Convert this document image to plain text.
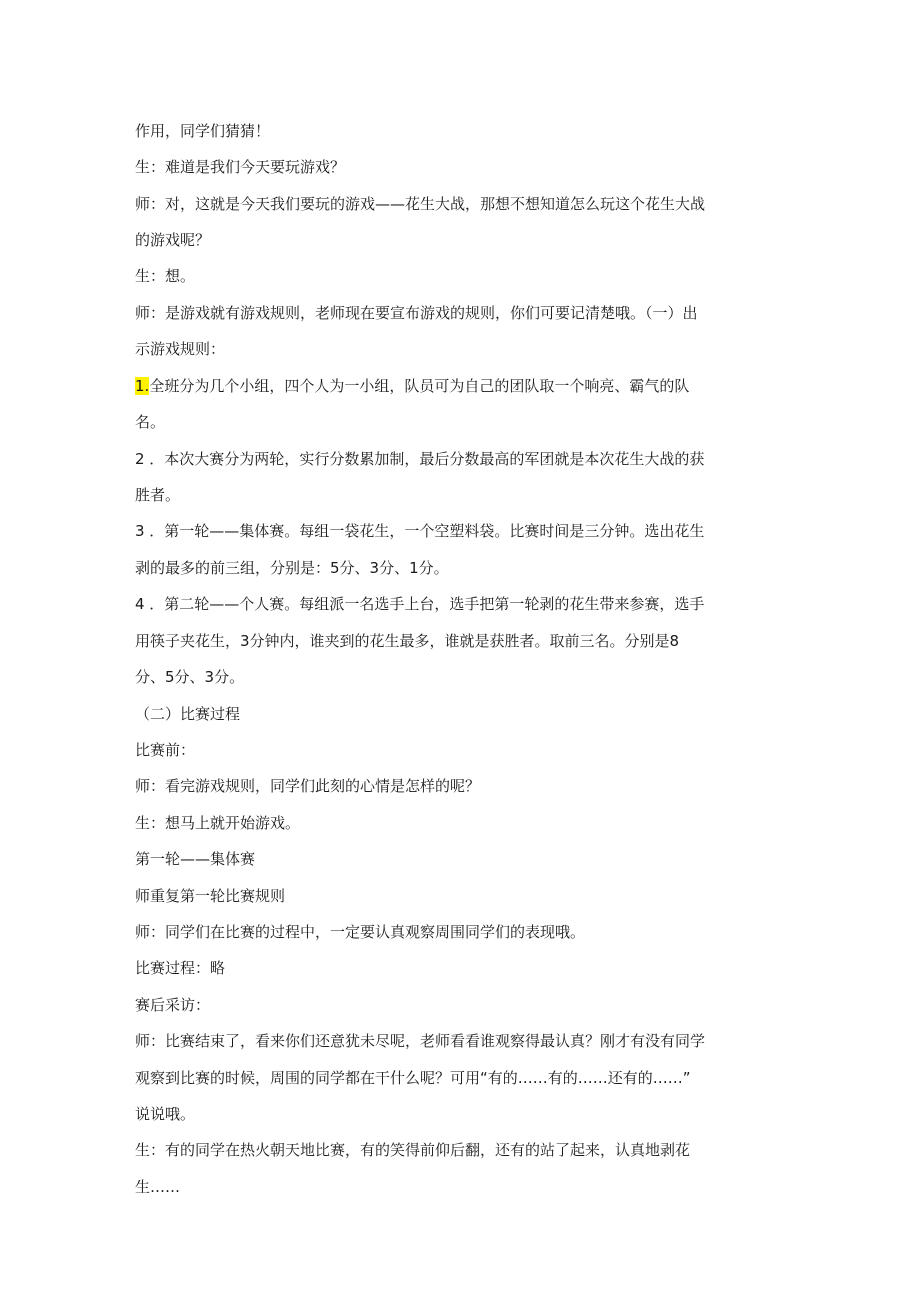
作用，同学们猜猜！
生：难道是我们今天要玩游戏？
师：对，这就是今天我们要玩的游戏——花生大战，那想不想知道怎么玩这个花生大战
的游戏呢？
生：想。
师：是游戏就有游戏规则，老师现在要宣布游戏的规则，你们可要记清楚哦。（一）出
示游戏规则：
1.全班分为几个小组，四个人为一小组，队员可为自己的团队取一个响亮、霸气的队
名。
2 ．本次大赛分为两轮，实行分数累加制，最后分数最高的军团就是本次花生大战的获
胜者。
3 ．第一轮——集体赛。每组一袋花生，一个空塑料袋。比赛时间是三分钟。选出花生
剥的最多的前三组，分别是：5分、3分、1分。
4 ．第二轮——个人赛。每组派一名选手上台，选手把第一轮剥的花生带来参赛，选手
用筷子夹花生，3分钟内，谁夹到的花生最多，谁就是获胜者。取前三名。分别是8
分、5分、3分。
（二）比赛过程
比赛前：
师：看完游戏规则，同学们此刻的心情是怎样的呢？
生：想马上就开始游戏。
第一轮——集体赛
师重复第一轮比赛规则
师：同学们在比赛的过程中，一定要认真观察周围同学们的表现哦。
比赛过程：略
赛后采访：
师：比赛结束了，看来你们还意犹未尽呢，老师看看谁观察得最认真？刚才有没有同学
观察到比赛的时候，周围的同学都在干什么呢？可用“有的……有的……还有的……”
说说哦。
生：有的同学在热火朝天地比赛，有的笑得前仰后翻，还有的站了起来，认真地剥花
生……
